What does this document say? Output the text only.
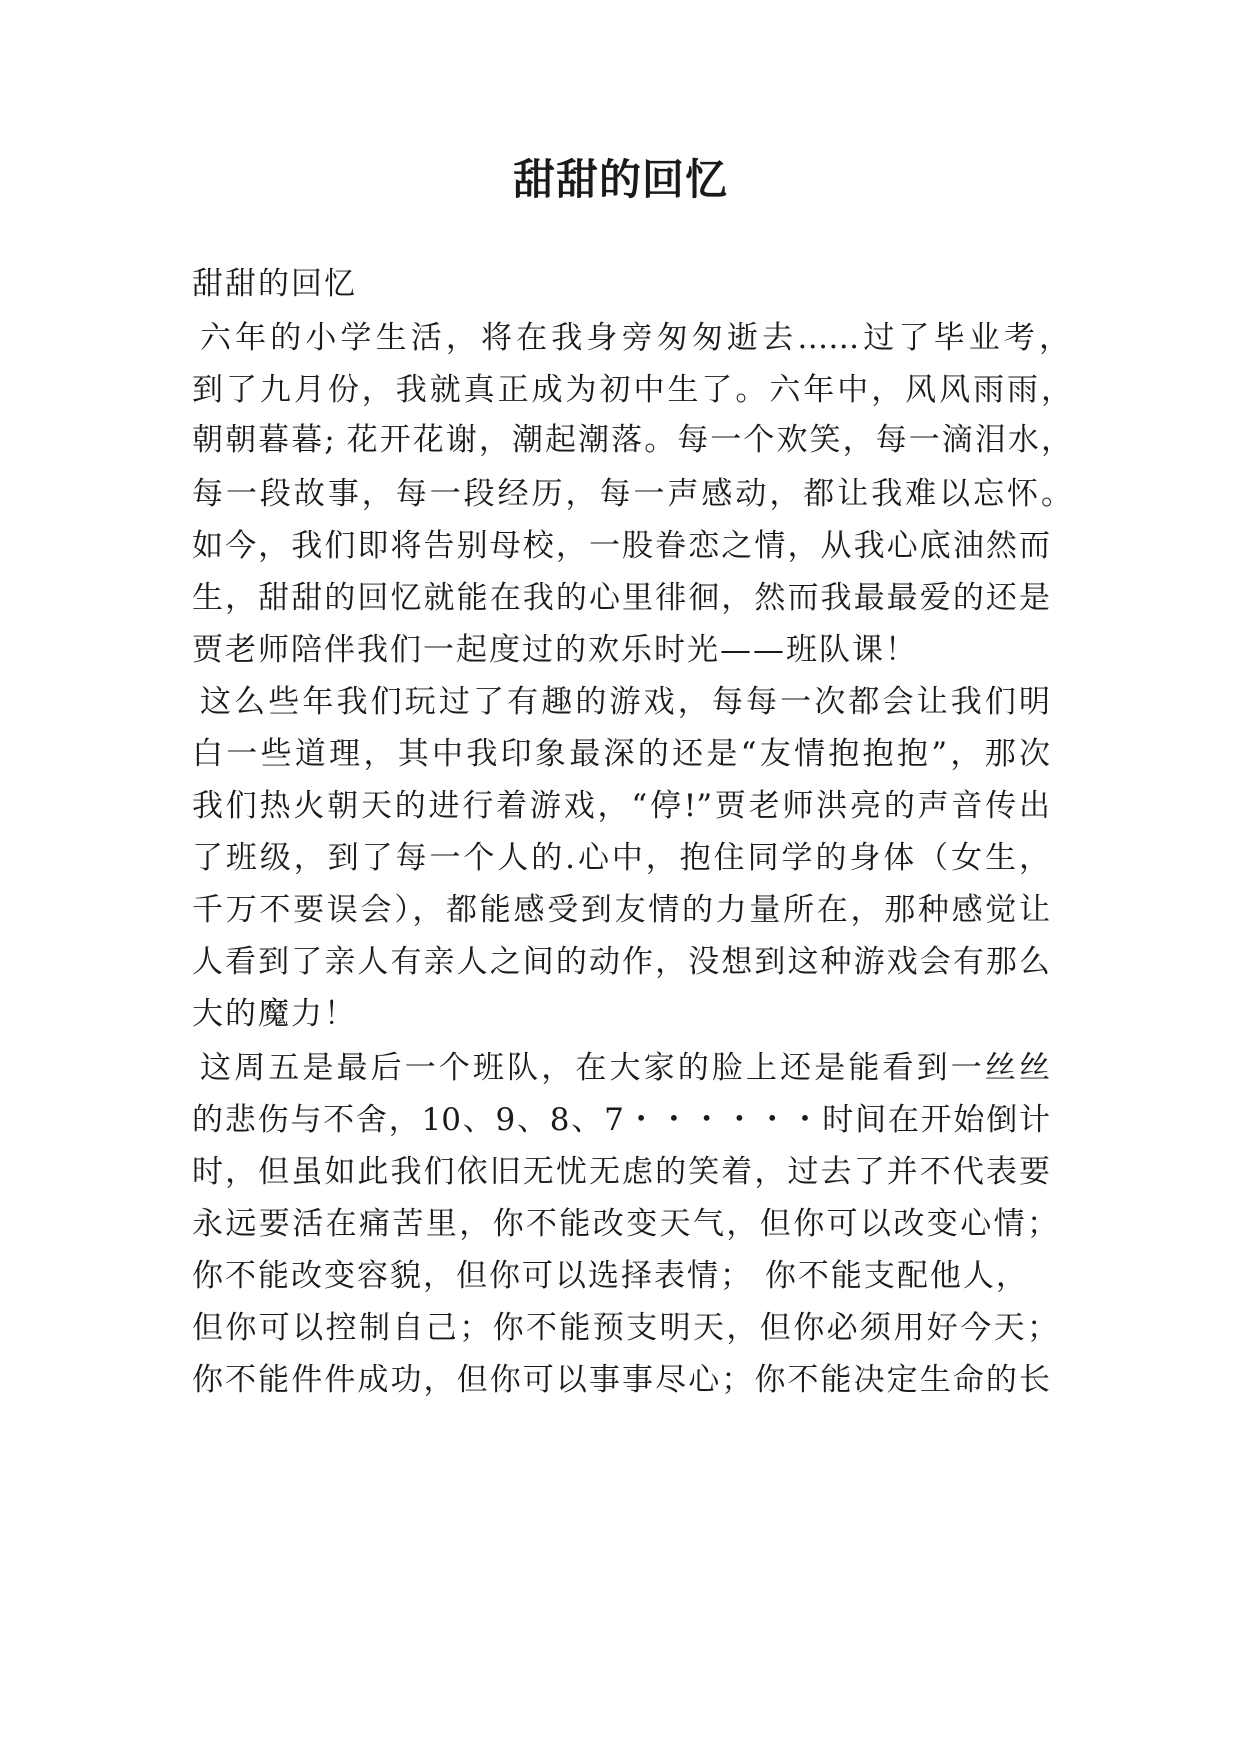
甜甜的回忆
甜甜的回忆
六年的小学生活，将在我身旁匆匆逝去……过了毕业考，
到了九月份，我就真正成为初中生了。六年中，风风雨雨，
朝朝暮暮; 花开花谢，潮起潮落。每一个欢笑，每一滴泪水，
每一段故事，每一段经历，每一声感动，都让我难以忘怀。
如今，我们即将告别母校，一股眷恋之情，从我心底油然而
生，甜甜的回忆就能在我的心里徘徊，然而我最最爱的还是
贾老师陪伴我们一起度过的欢乐时光——班队课！
这么些年我们玩过了有趣的游戏，每每一次都会让我们明
白一些道理，其中我印象最深的还是“友情抱抱抱”，那次
我们热火朝天的进行着游戏，“停!”贾老师洪亮的声音传出
了班级，到了每一个人的.心中，抱住同学的身体（女生，
千万不要误会），都能感受到友情的力量所在，那种感觉让
人看到了亲人有亲人之间的动作，没想到这种游戏会有那么
大的魔力！
这周五是最后一个班队，在大家的脸上还是能看到一丝丝
的悲伤与不舍，10、9、8、7・・・・・・时间在开始倒计
时，但虽如此我们依旧无忧无虑的笑着，过去了并不代表要
永远要活在痛苦里，你不能改变天气，但你可以改变心情；
你不能改变容貌，但你可以选择表情； 你不能支配他人，
但你可以控制自己；你不能预支明天，但你必须用好今天；
你不能件件成功，但你可以事事尽心；你不能决定生命的长
